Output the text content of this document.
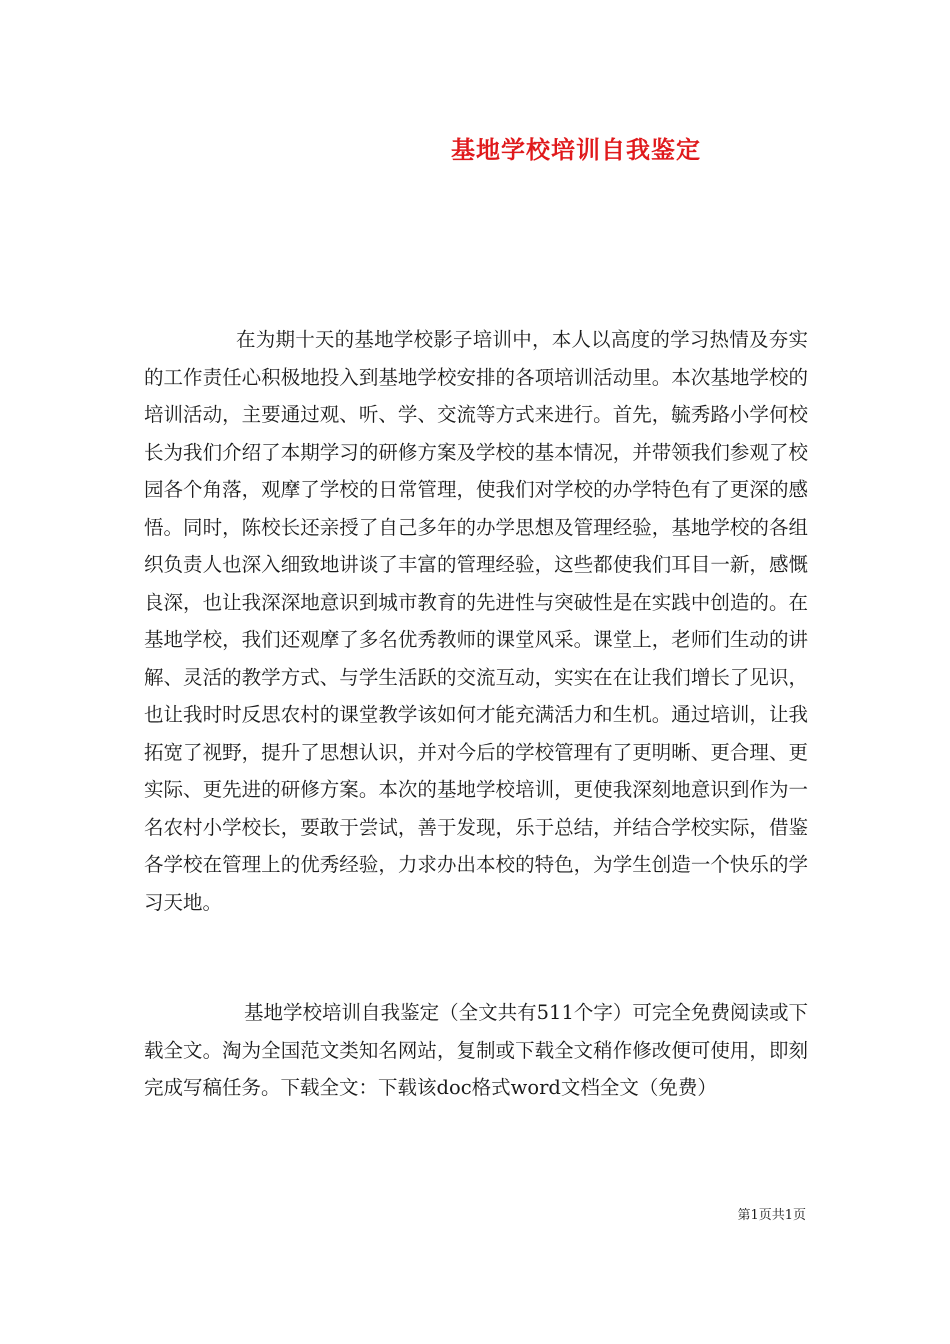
基地学校培训自我鉴定

在为期十天的基地学校影子培训中，本人以高度的学习热情及夯实的工作责任心积极地投入到基地学校安排的各项培训活动里。本次基地学校的培训活动，主要通过观、听、学、交流等方式来进行。首先，毓秀路小学何校长为我们介绍了本期学习的研修方案及学校的基本情况，并带领我们参观了校园各个角落，观摩了学校的日常管理，使我们对学校的办学特色有了更深的感悟。同时，陈校长还亲授了自己多年的办学思想及管理经验，基地学校的各组织负责人也深入细致地讲谈了丰富的管理经验，这些都使我们耳目一新，感慨良深，也让我深深地意识到城市教育的先进性与突破性是在实践中创造的。在基地学校，我们还观摩了多名优秀教师的课堂风采。课堂上，老师们生动的讲解、灵活的教学方式、与学生活跃的交流互动，实实在在让我们增长了见识，也让我时时反思农村的课堂教学该如何才能充满活力和生机。通过培训，让我拓宽了视野，提升了思想认识，并对今后的学校管理有了更明晰、更合理、更实际、更先进的研修方案。本次的基地学校培训，更使我深刻地意识到作为一名农村小学校长，要敢于尝试，善于发现，乐于总结，并结合学校实际，借鉴各学校在管理上的优秀经验，力求办出本校的特色，为学生创造一个快乐的学习天地。

基地学校培训自我鉴定（全文共有511个字）可完全免费阅读或下载全文。淘为全国范文类知名网站，复制或下载全文稍作修改便可使用，即刻完成写稿任务。下载全文：下载该doc格式word文档全文（免费）

第1页共1页
